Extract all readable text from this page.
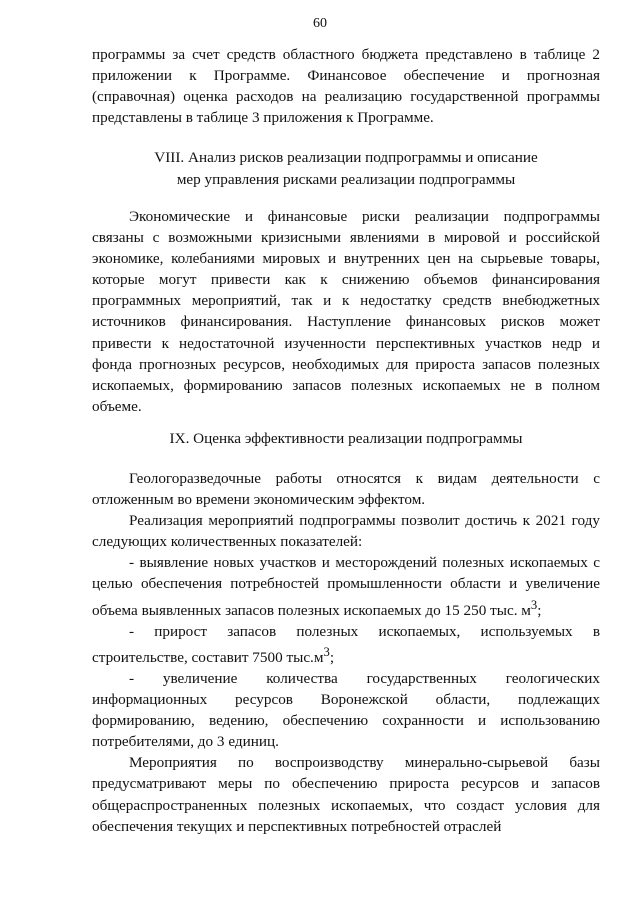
60

программы за счет средств областного бюджета представлено в таблице 2 приложении к Программе. Финансовое обеспечение и прогнозная (справочная) оценка расходов на реализацию государственной программы представлены в таблице 3 приложения к Программе.

VIII. Анализ рисков реализации подпрограммы и описание

мер управления рисками реализации подпрограммы

Экономические и финансовые риски реализации подпрограммы связаны с возможными кризисными явлениями в мировой и российской экономике, колебаниями мировых и внутренних цен на сырьевые товары, которые могут привести как к снижению объемов финансирования программных мероприятий, так и к недостатку средств внебюджетных источников финансирования. Наступление финансовых рисков может привести к недостаточной изученности перспективных участков недр и фонда прогнозных ресурсов, необходимых для прироста запасов полезных ископаемых, формированию запасов полезных ископаемых не в полном объеме.

IX. Оценка эффективности реализации подпрограммы

Геологоразведочные работы относятся к видам деятельности с отложенным во времени экономическим эффектом.

Реализация мероприятий подпрограммы позволит достичь к 2021 году следующих количественных показателей:

- выявление новых участков и месторождений полезных ископаемых с целью обеспечения потребностей промышленности области и увеличение объема выявленных запасов полезных ископаемых до 15 250 тыс. $м^3$;

- прирост запасов полезных ископаемых, используемых в строительстве, составит 7500 $тыс.м^3$;

- увеличение количества государственных геологических информационных ресурсов Воронежской области, подлежащих формированию, ведению, обеспечению сохранности и использованию потребителями, до 3 единиц.

Мероприятия по воспроизводству минерально-сырьевой базы предусматривают меры по обеспечению прироста ресурсов и запасов общераспространенных полезных ископаемых, что создаст условия для обеспечения текущих и перспективных потребностей отраслей
